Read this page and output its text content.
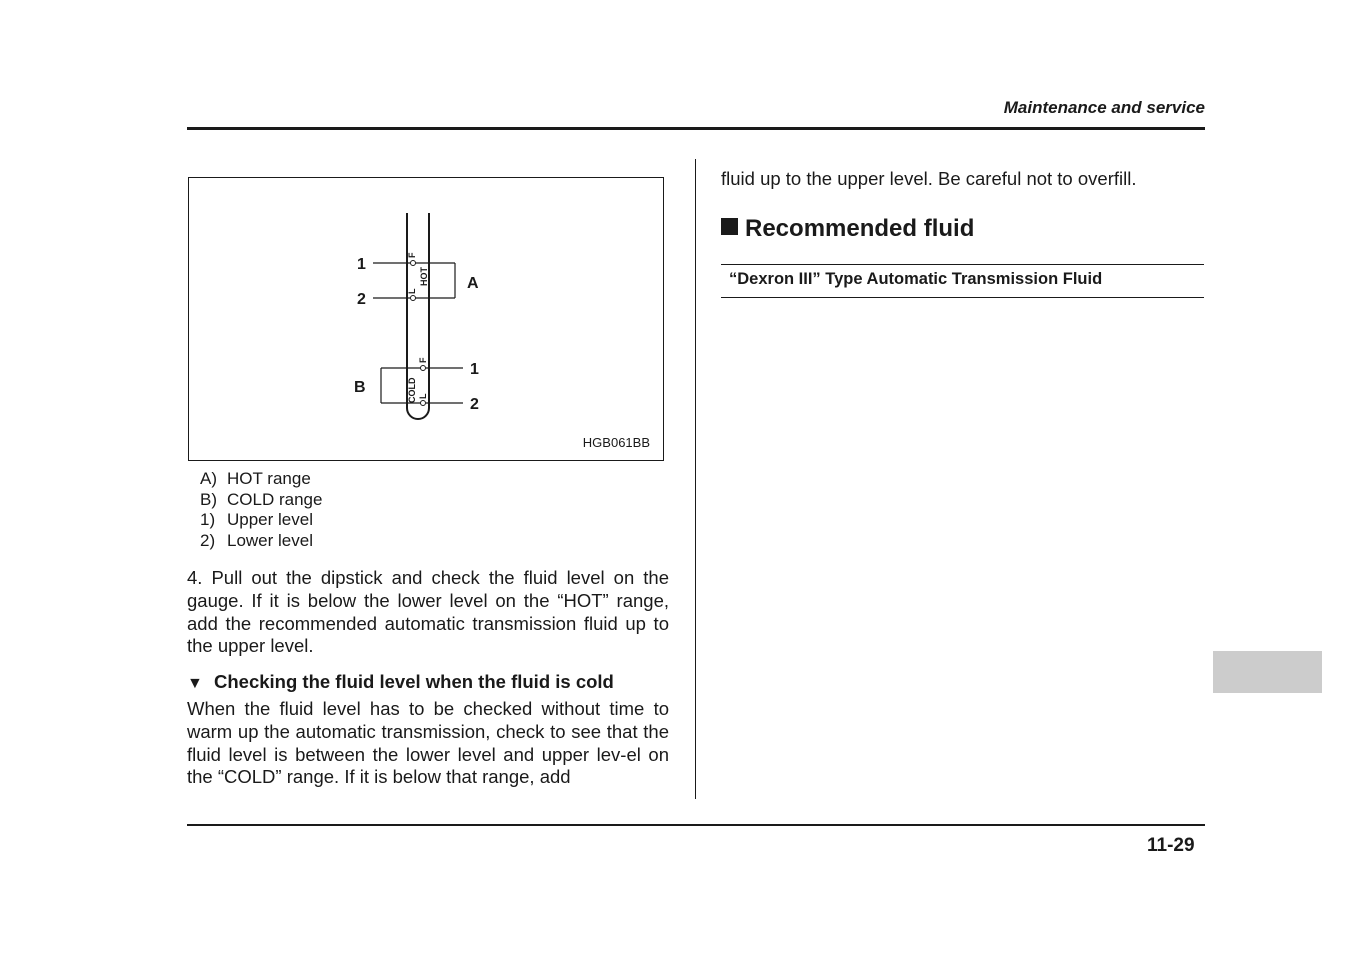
Maintenance and service
F
L
HOT
F
L
COLD
1
2
A
B
1
2
HGB061BB
A) HOT range
B) COLD range
1) Upper level
2) Lower level

4. Pull out the dipstick and check the fluid level on the gauge. If it is below the lower level on the “HOT” range, add the recommended automatic transmission fluid up to the upper level.

▼ Checking the fluid level when the fluid is cold

When the fluid level has to be checked without time to warm up the automatic transmission, check to see that the fluid level is between the lower level and upper lev-el on the “COLD” range. If it is below that range, add

fluid up to the upper level. Be careful not to overfill.
Recommended fluid
“Dexron III” Type Automatic Transmission Fluid
11-29
